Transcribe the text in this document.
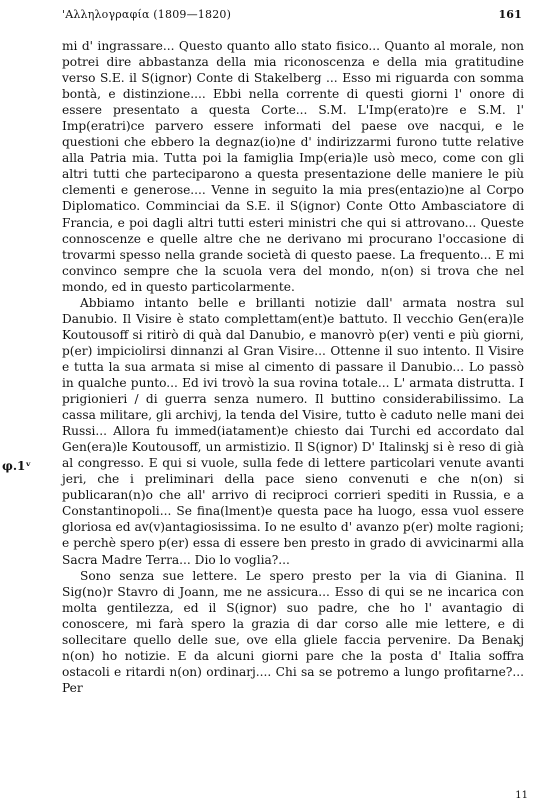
'Αλληλογραφία (1809—1820)	161
φ.1ᵛ

mi d' ingrassare... Questo quanto allo stato fisico... Quanto al morale, non potrei dire abbastanza della mia riconoscenza e della mia gratitudine verso S.E. il S(ignor) Conte di Stakelberg ... Esso mi riguarda con somma bontà, e distinzione.... Ebbi nella corrente di questi giorni l' onore di essere presentato a questa Corte... S.M. L'Imp(erato)re e S.M. l' Imp(eratri)ce parvero essere informati del paese ove nacqui, e le questioni che ebbero la degnaz(io)ne d' indirizzarmi furono tutte relative alla Patria mia. Tutta poi la famiglia Imp(eria)le usò meco, come con gli altri tutti che parteciparono a questa presentazione delle maniere le più clementi e generose.... Venne in seguito la mia pres(entazio)ne al Corpo Diplomatico. Comminciai da S.E. il S(ignor) Conte Otto Ambasciatore di Francia, e poi dagli altri tutti esteri ministri che qui si attrovano... Queste connoscenze e quelle altre che ne derivano mi procurano l'occasione di trovarmi spesso nella grande società di questo paese. La frequento... E mi convinco sempre che la scuola vera del mondo, n(on) si trova che nel mondo, ed in questo particolarmente.

Abbiamo intanto belle e brillanti notizie dall' armata nostra sul Danubio. Il Visire è stato complettam(ent)e battuto. Il vecchio Gen(era)le Koutousoff si ritirò di quà dal Danubio, e manovrò p(er) venti e più giorni, p(er) impiciolirsi dinnanzi al Gran Visire... Ottenne il suo intento. Il Visire e tutta la sua armata si mise al cimento di passare il Danubio... Lo passò in qualche punto... Ed ivi trovò la sua rovina totale... L' armata distrutta. I prigionieri / di guerra senza numero. Il buttino considerabilissimo. La cassa militare, gli archivj, la tenda del Visire, tutto è caduto nelle mani dei Russi... Allora fu immed(iatament)e chiesto dai Turchi ed accordato dal Gen(era)le Koutousoff, un armistizio. Il S(ignor) D' Italinskj si è reso di già al congresso. E qui si vuole, sulla fede di lettere particolari venute avanti jeri, che i preliminari della pace sieno convenuti e che n(on) si publicaran(n)o che all' arrivo di reciproci corrieri spediti in Russia, e a Constantinopoli... Se fina(lment)e questa pace ha luogo, essa vuol essere gloriosa ed av(v)antagiosissima. Io ne esulto d' avanzo p(er) molte ragioni; e perchè spero p(er) essa di essere ben presto in grado di avvicinarmi alla Sacra Madre Terra... Dio lo voglia?...

Sono senza sue lettere. Le spero presto per la via di Gianina. Il Sig(no)r Stavro di Joann, me ne assicura... Esso di qui se ne incarica con molta gentilezza, ed il S(ignor) suo padre, che ho l' avantagio di conoscere, mi farà spero la grazia di dar corso alle mie lettere, e di sollecitare quello delle sue, ove ella gliele faccia pervenire. Da Benakj n(on) ho notizie. E da alcuni giorni pare che la posta d' Italia soffra ostacoli e ritardi n(on) ordinarj.... Chi sa se potremo a lungo profitarne?... Per

11
